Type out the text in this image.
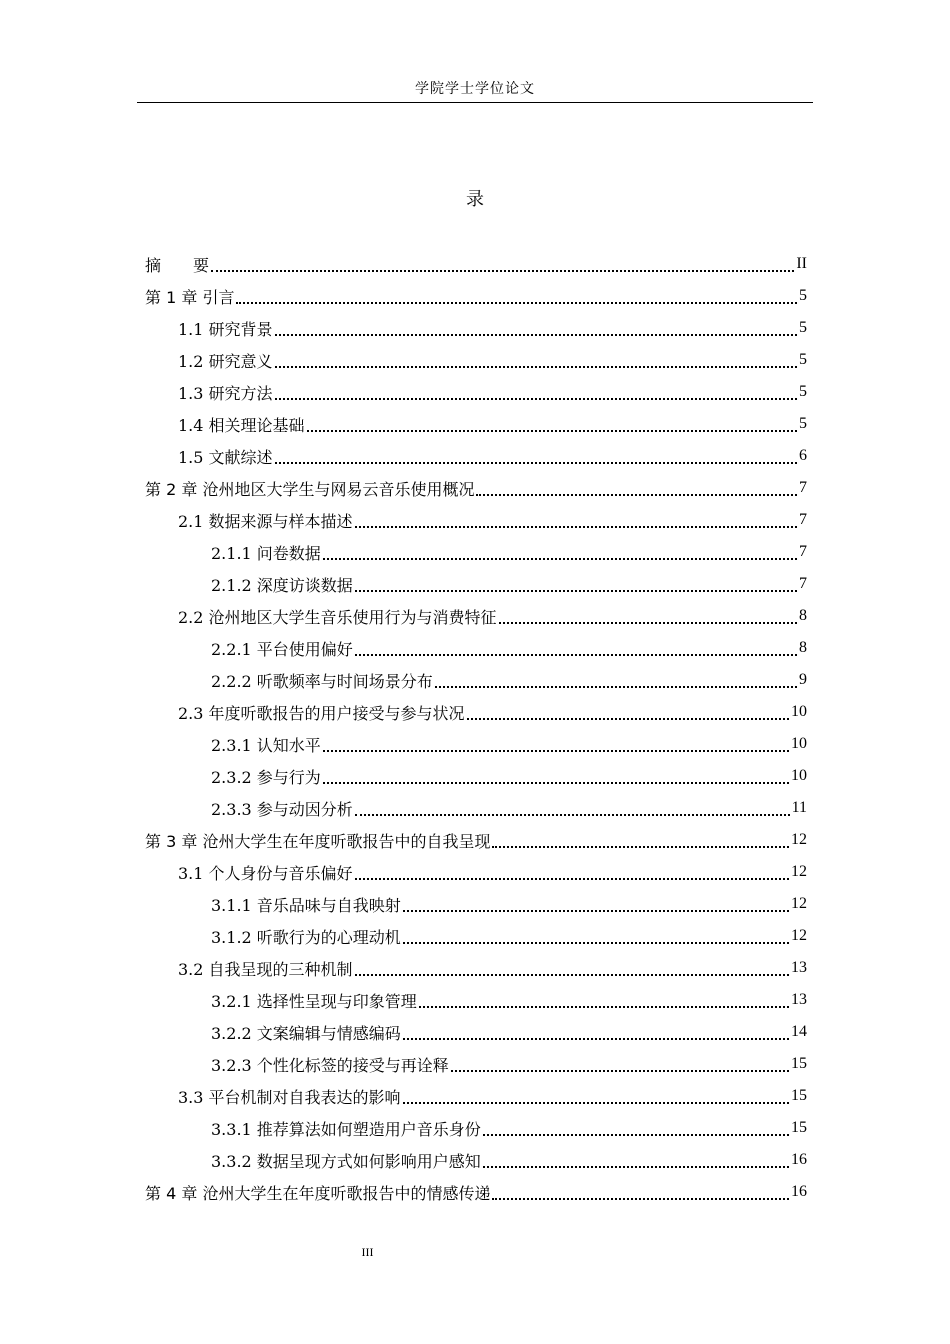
学院学士学位论文
录
摘　　要	II
第 1 章 引言	5
1.1 研究背景	5
1.2 研究意义	5
1.3 研究方法	5
1.4 相关理论基础	5
1.5 文献综述	6
第 2 章 沧州地区大学生与网易云音乐使用概况	7
2.1 数据来源与样本描述	7
2.1.1 问卷数据	7
2.1.2 深度访谈数据	7
2.2 沧州地区大学生音乐使用行为与消费特征	8
2.2.1 平台使用偏好	8
2.2.2 听歌频率与时间场景分布	9
2.3 年度听歌报告的用户接受与参与状况	10
2.3.1 认知水平	10
2.3.2 参与行为	10
2.3.3 参与动因分析	11
第 3 章 沧州大学生在年度听歌报告中的自我呈现	12
3.1 个人身份与音乐偏好	12
3.1.1 音乐品味与自我映射	12
3.1.2 听歌行为的心理动机	12
3.2 自我呈现的三种机制	13
3.2.1 选择性呈现与印象管理	13
3.2.2 文案编辑与情感编码	14
3.2.3 个性化标签的接受与再诠释	15
3.3 平台机制对自我表达的影响	15
3.3.1 推荐算法如何塑造用户音乐身份	15
3.3.2 数据呈现方式如何影响用户感知	16
第 4 章 沧州大学生在年度听歌报告中的情感传递	16
III
